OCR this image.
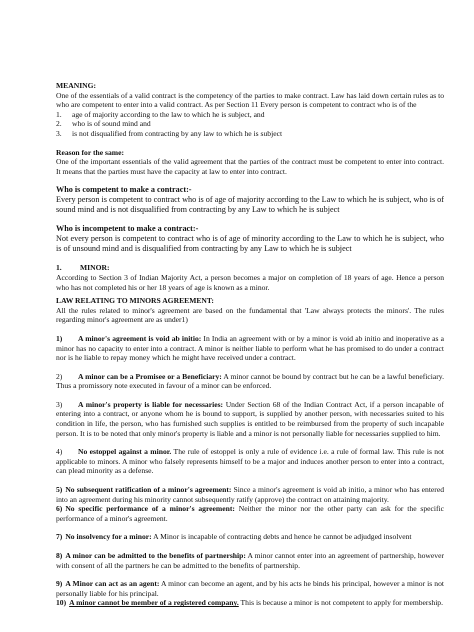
MEANING:

One of the essentials of a valid contract is the competency of the parties to make contract. Law has laid down certain rules as to who are competent to enter into a valid contract. As per Section 11 Every person is competent to contract who is of the

1.	age of majority according to the law to which he is subject, and
2.	who is of sound mind and
3.	is not disqualified from contracting by any law to which he is subject

Reason for the same:

One of the important essentials of the valid agreement that the parties of the contract must be competent to enter into contract. It means that the parties must have the capacity at law to enter into contract.

Who is competent to make a contract:-

Every person is competent to contract who is of age of majority according to the Law to which he is subject, who is of sound mind and is not disqualified from contracting by any Law to which he is subject

Who is incompetent to make a contract:-

Not every person is competent to contract who is of age of minority according to the Law to which he is subject, who is of unsound mind and is disqualified from contracting by any Law to which he is subject

1. MINOR:

According to Section 3 of Indian Majority Act, a person becomes a major on completion of 18 years of age. Hence a person who has not completed his or her 18 years of age is known as a minor.

LAW RELATING TO MINORS AGREEMENT:

All the rules related to minor's agreement are based on the fundamental that 'Law always protects the minors'. The rules regarding minor's agreement are as under1)

1) A minor's agreement is void ab initio: In India an agreement with or by a minor is void ab initio and inoperative as a minor has no capacity to enter into a contract. A minor is neither liable to perform what he has promised to do under a contract nor is he liable to repay money which he might have received under a contract.

2) A minor can be a Promisee or a Beneficiary: A minor cannot be bound by contract but he can be a lawful beneficiary. Thus a promissory note executed in favour of a minor can be enforced.

3) A minor's property is liable for necessaries: Under Section 68 of the Indian Contract Act, if a person incapable of entering into a contract, or anyone whom he is bound to support, is supplied by another person, with necessaries suited to his condition in life, the person, who has furnished such supplies is entitled to be reimbursed from the property of such incapable person. It is to be noted that only minor's property is liable and a minor is not personally liable for necessaries supplied to him.

4) No estoppel against a minor. The rule of estoppel is only a rule of evidence i.e. a rule of formal law. This rule is not applicable to minors. A minor who falsely represents himself to be a major and induces another person to enter into a contract, can plead minority as a defense.

5) No subsequent ratification of a minor's agreement: Since a minor's agreement is void ab initio, a minor who has entered into an agreement during his minority cannot subsequently ratify (approve) the contract on attaining majority.

6) No specific performance of a minor's agreement: Neither the minor nor the other party can ask for the specific performance of a minor's agreement.

7) No insolvency for a minor: A Minor is incapable of contracting debts and hence he cannot be adjudged insolvent

8) A minor can be admitted to the benefits of partnership: A minor cannot enter into an agreement of partnership, however with consent of all the partners he can be admitted to the benefits of partnership.

9) A Minor can act as an agent: A minor can become an agent, and by his acts he binds his principal, however a minor is not personally liable for his principal.

10) A minor cannot be member of a registered company. This is because a minor is not competent to apply for membership.
